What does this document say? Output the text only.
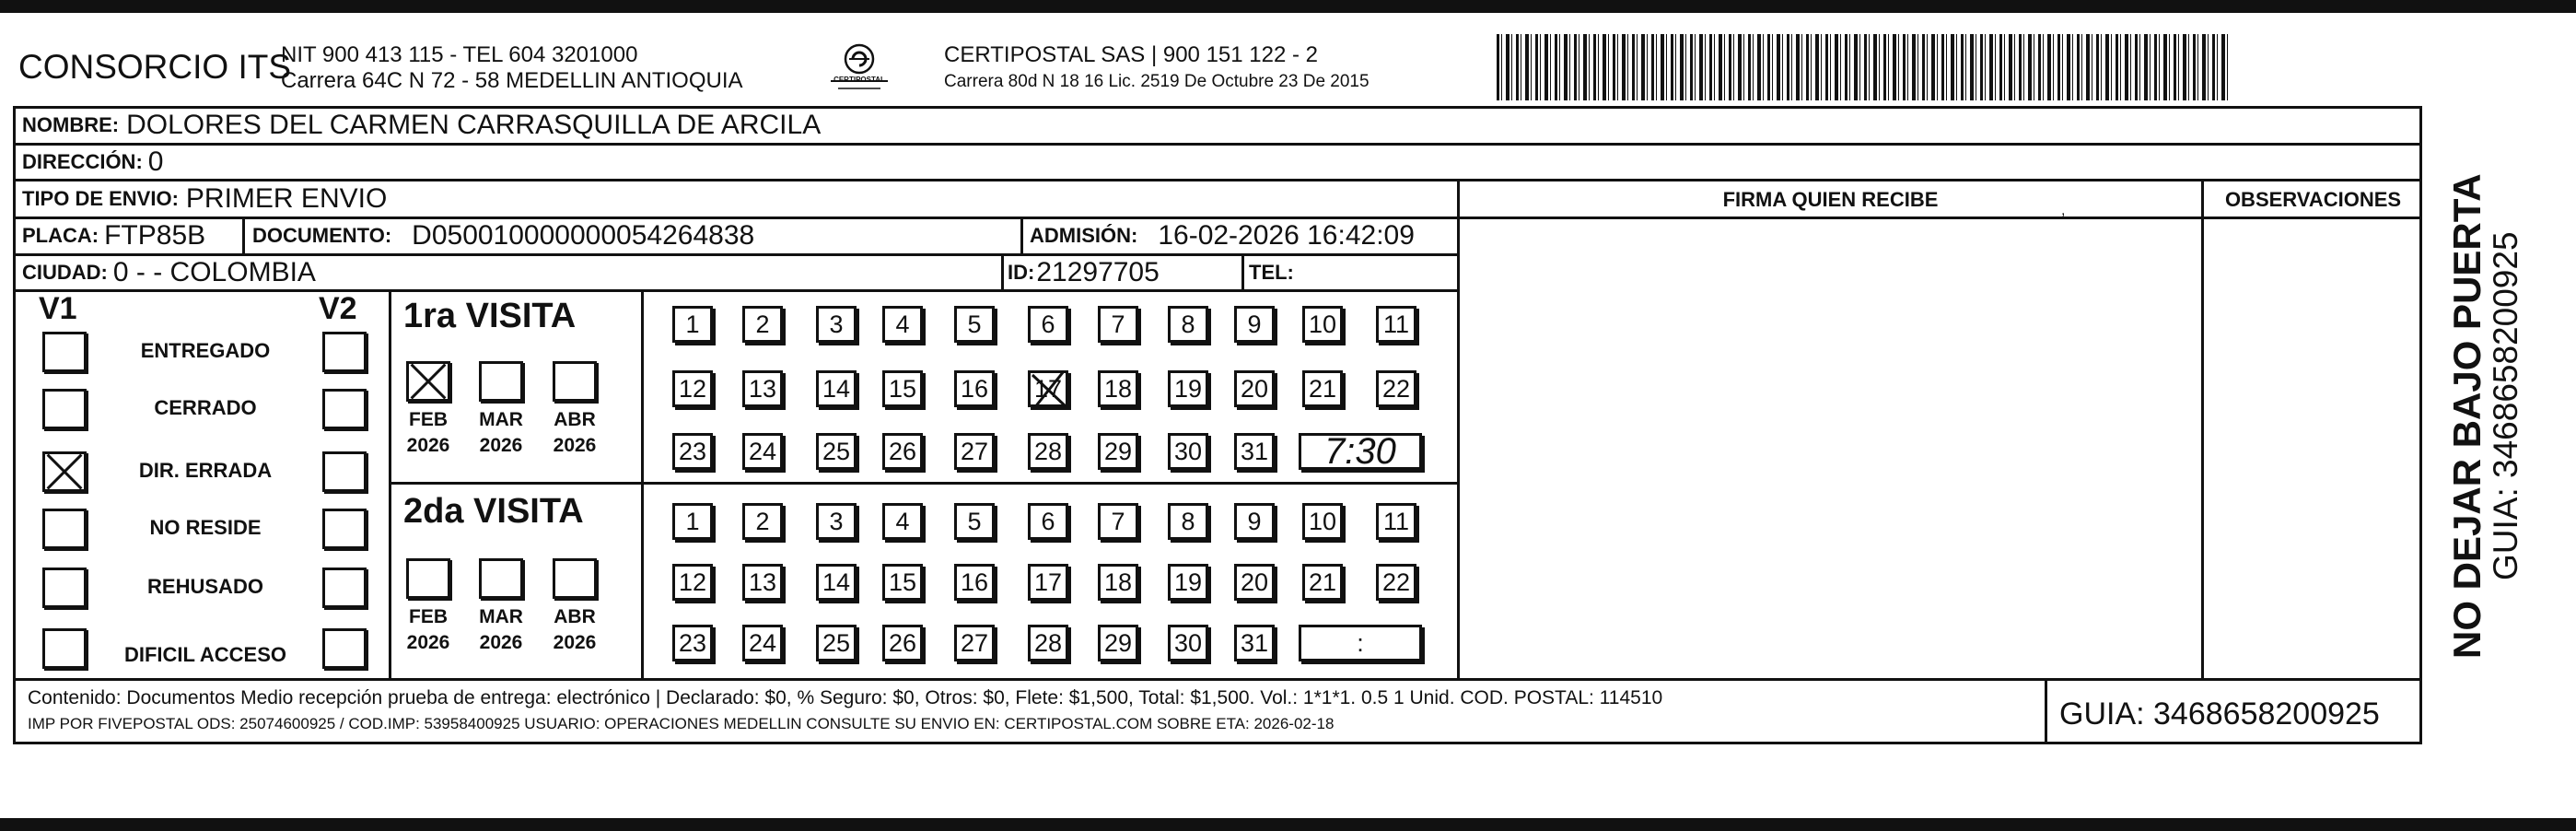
CONSORCIO ITS
NIT 900 413 115 - TEL 604 3201000
Carrera 64C N 72 - 58 MEDELLIN ANTIOQUIA	CERTIPOSTAL
CERTIPOSTAL SAS | 900 151 122 - 2
Carrera 80d N 18 16 Lic. 2519 De Octubre 23 De 2015
NOMBRE: DOLORES DEL CARMEN CARRASQUILLA DE ARCILA
DIRECCIÓN: 0
TIPO DE ENVIO: PRIMER ENVIO
PLACA: FTP85B DOCUMENTO: D050010000000054264838	ADMISIÓN: 16-02-2026 16:42:09
CIUDAD: 0 - - COLOMBIA	ID: 21297705	TEL:
FIRMA QUIEN RECIBE	OBSERVACIONES
,
V1	V2
ENTREGADO
CERRADO
DIR. ERRADA
NO RESIDE
REHUSADO
DIFICIL ACCESO
1ra VISITA
2da VISITA
FEB
2026
MAR
2026
ABR
2026
FEB
2026
MAR
2026
ABR
2026
1	2	3	4	5	6	7	8	9	10 11
12 13 14 15 16 17 18 19 20 21 22
23 24 25 26 27 28 29 30 31	7:30
1	2	3	4	5	6	7	8	9	10 11
12 13 14 15 16 17 18 19 20 21 22
23 24 25 26 27 28 29 30 31	:
Contenido: Documentos Medio recepción prueba de entrega: electrónico | Declarado: $0, % Seguro: $0, Otros: $0, Flete: $1,500, Total: $1,500. Vol.: 1*1*1. 0.5 1 Unid. COD. POSTAL: 114510
IMP POR FIVEPOSTAL ODS: 25074600925 / COD.IMP: 53958400925 USUARIO: OPERACIONES MEDELLIN CONSULTE SU ENVIO EN: CERTIPOSTAL.COM SOBRE ETA: 2026-02-18	GUIA: 3468658200925
NO DEJAR BAJO PUERTA
GUIA: 3468658200925
